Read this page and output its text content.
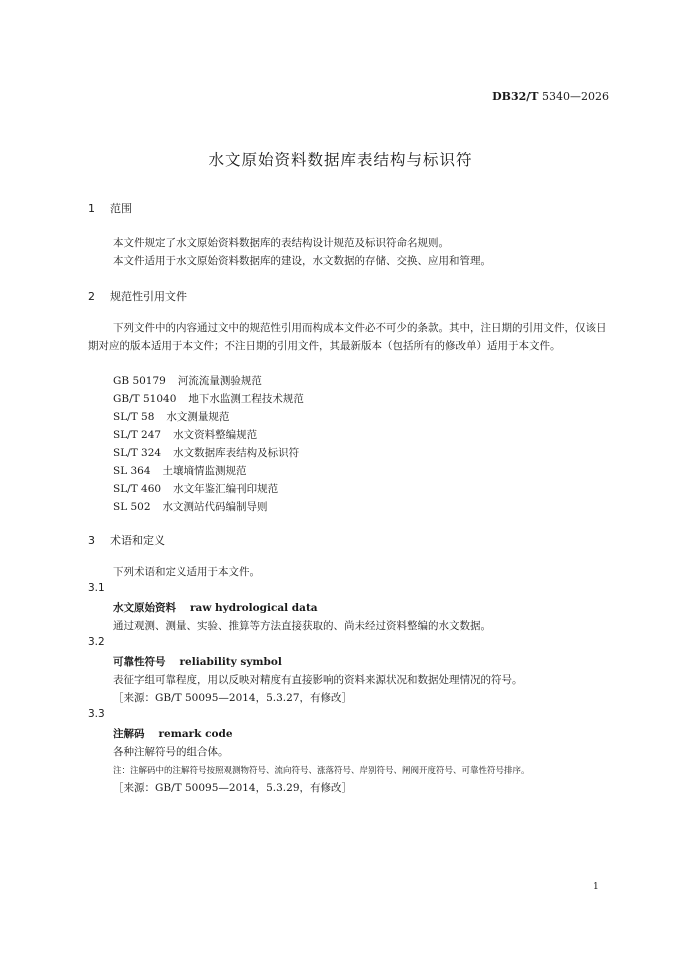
DB32/T 5340—2026
水文原始资料数据库表结构与标识符
1 范围
本文件规定了水文原始资料数据库的表结构设计规范及标识符命名规则。
本文件适用于水文原始资料数据库的建设，水文数据的存储、交换、应用和管理。
2 规范性引用文件
下列文件中的内容通过文中的规范性引用而构成本文件必不可少的条款。其中，注日期的引用文件，仅该日期对应的版本适用于本文件；不注日期的引用文件，其最新版本（包括所有的修改单）适用于本文件。
GB 50179 河流流量测验规范
GB/T 51040 地下水监测工程技术规范
SL/T 58 水文测量规范
SL/T 247 水文资料整编规范
SL/T 324 水文数据库表结构及标识符
SL 364 土壤墒情监测规范
SL/T 460 水文年鉴汇编刊印规范
SL 502 水文测站代码编制导则
3 术语和定义
下列术语和定义适用于本文件。
3.1
水文原始资料 raw hydrological data
通过观测、测量、实验、推算等方法直接获取的、尚未经过资料整编的水文数据。
3.2
可靠性符号 reliability symbol
表征字组可靠程度，用以反映对精度有直接影响的资料来源状况和数据处理情况的符号。
［来源：GB/T 50095—2014，5.3.27，有修改］
3.3
注解码 remark code
各种注解符号的组合体。
注：注解码中的注解符号按照观测物符号、流向符号、涨落符号、岸别符号、闸阀开度符号、可靠性符号排序。
［来源：GB/T 50095—2014，5.3.29，有修改］
1
